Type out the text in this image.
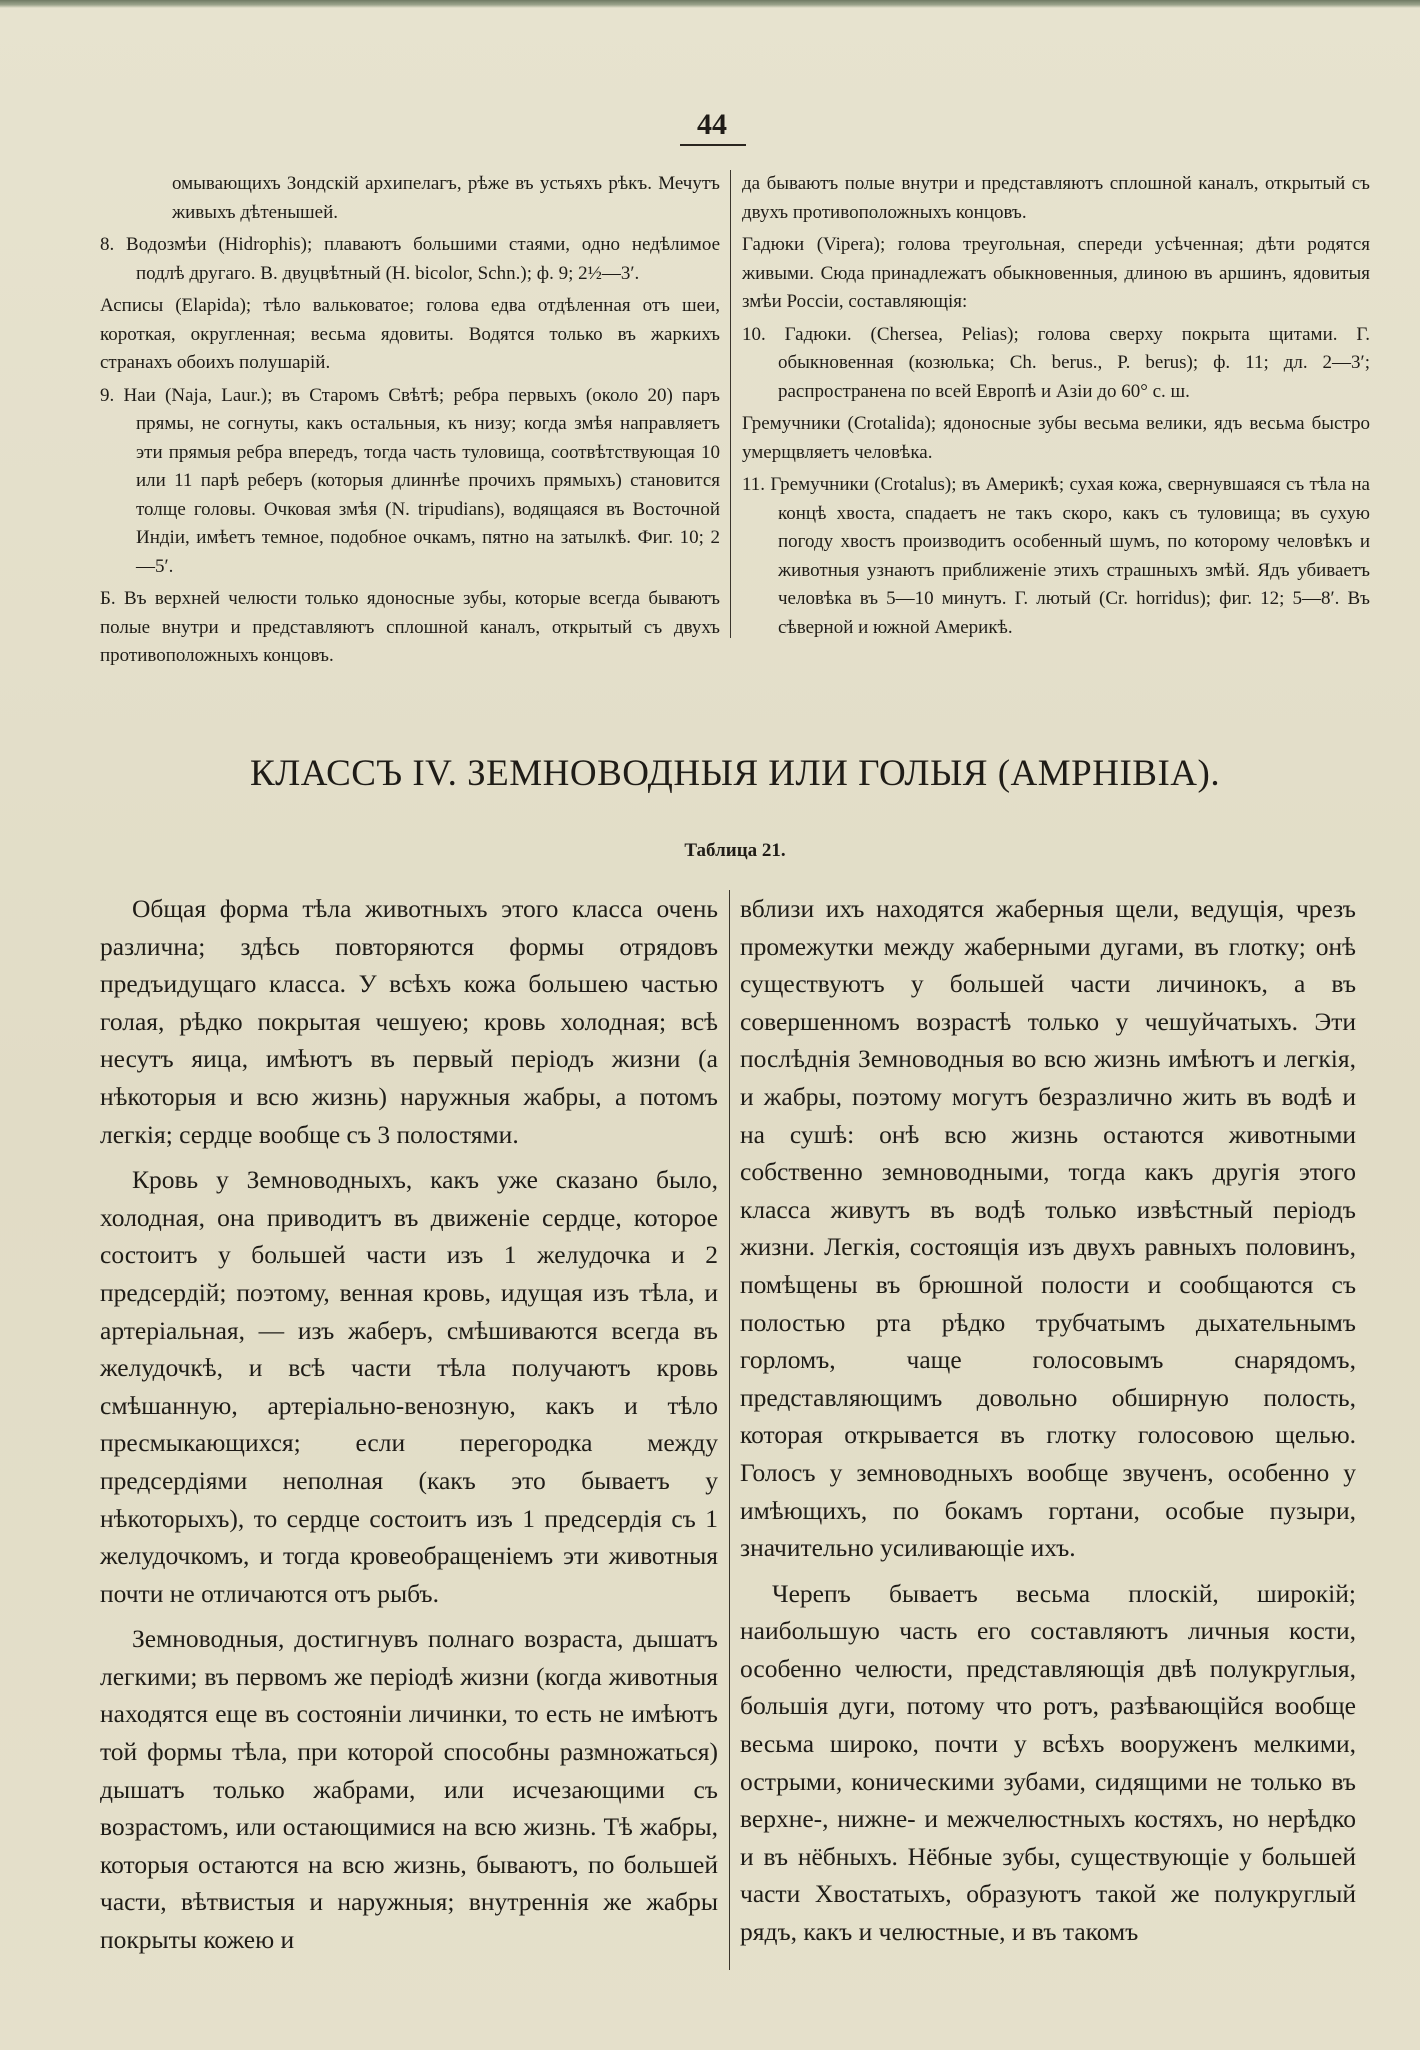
44

омывающихъ Зондскій архипелагъ, рѣже въ устьяхъ рѣкъ. Мечутъ живыхъ дѣтенышей.

8. Водозмѣи (Hidrophis); плаваютъ большими стаями, одно недѣлимое подлѣ другаго. В. двуцвѣтный (H. bicolor, Schn.); ф. 9; 2½—3′.

Асписы (Elapida); тѣло вальковатое; голова едва отдѣленная отъ шеи, короткая, округленная; весьма ядовиты. Водятся только въ жаркихъ странахъ обоихъ полушарій.

9. Наи (Naja, Laur.); въ Старомъ Свѣтѣ; ребра первыхъ (около 20) паръ прямы, не согнуты, какъ остальныя, къ низу; когда змѣя направляетъ эти прямыя ребра впередъ, тогда часть туловища, соотвѣтствующая 10 или 11 парѣ реберъ (которыя длиннѣе прочихъ прямыхъ) становится толще головы. Очковая змѣя (N. tripudians), водящаяся въ Восточной Индіи, имѣетъ темное, подобное очкамъ, пятно на затылкѣ. Фиг. 10; 2—5′.

Б. Въ верхней челюсти только ядоносные зубы, которые всегда бываютъ полые внутри и представляютъ сплошной каналъ, открытый съ двухъ противоположныхъ концовъ.

да бываютъ полые внутри и представляютъ сплошной каналъ, открытый съ двухъ противоположныхъ концовъ.

Гадюки (Vipera); голова треугольная, спереди усѣченная; дѣти родятся живыми. Сюда принадлежатъ обыкновенныя, длиною въ аршинъ, ядовитыя змѣи Россіи, составляющія:

10. Гадюки. (Chersea, Pelias); голова сверху покрыта щитами. Г. обыкновенная (козюлька; Ch. berus., P. berus); ф. 11; дл. 2—3′; распространена по всей Европѣ и Азіи до 60° с. ш.

Гремучники (Crotalida); ядоносные зубы весьма велики, ядъ весьма быстро умерщвляетъ человѣка.

11. Гремучники (Crotalus); въ Америкѣ; сухая кожа, свернувшаяся съ тѣла на концѣ хвоста, спадаетъ не такъ скоро, какъ съ туловища; въ сухую погоду хвостъ производитъ особенный шумъ, по которому человѣкъ и животныя узнаютъ приближеніе этихъ страшныхъ змѣй. Ядъ убиваетъ человѣка въ 5—10 минутъ. Г. лютый (Cr. horridus); фиг. 12; 5—8′. Въ сѣверной и южной Америкѣ.

КЛАССЪ IV. ЗЕМНОВОДНЫЯ ИЛИ ГОЛЫЯ (AMPHIBIA).
Таблица 21.

Общая форма тѣла животныхъ этого класса очень различна; здѣсь повторяются формы отрядовъ предъидущаго класса. У всѣхъ кожа большею частью голая, рѣдко покрытая чешуею; кровь холодная; всѣ несутъ яица, имѣютъ въ первый періодъ жизни (а нѣкоторыя и всю жизнь) наружныя жабры, а потомъ легкія; сердце вообще съ 3 полостями.

Кровь у Земноводныхъ, какъ уже сказано было, холодная, она приводитъ въ движеніе сердце, которое состоитъ у большей части изъ 1 желудочка и 2 предсердій; поэтому, венная кровь, идущая изъ тѣла, и артеріальная, — изъ жаберъ, смѣшиваются всегда въ желудочкѣ, и всѣ части тѣла получаютъ кровь смѣшанную, артеріально-венозную, какъ и тѣло пресмыкающихся; если перегородка между предсердіями неполная (какъ это бываетъ у нѣкоторыхъ), то сердце состоитъ изъ 1 предсердія съ 1 желудочкомъ, и тогда кровеобращеніемъ эти животныя почти не отличаются отъ рыбъ.

Земноводныя, достигнувъ полнаго возраста, дышатъ легкими; въ первомъ же періодѣ жизни (когда животныя находятся еще въ состояніи личинки, то есть не имѣютъ той формы тѣла, при которой способны размножаться) дышатъ только жабрами, или исчезающими съ возрастомъ, или остающимися на всю жизнь. Тѣ жабры, которыя остаются на всю жизнь, бываютъ, по большей части, вѣтвистыя и наружныя; внутреннія же жабры покрыты кожею и

вблизи ихъ находятся жаберныя щели, ведущія, чрезъ промежутки между жаберными дугами, въ глотку; онѣ существуютъ у большей части личинокъ, а въ совершенномъ возрастѣ только у чешуйчатыхъ. Эти послѣднія Земноводныя во всю жизнь имѣютъ и легкія, и жабры, поэтому могутъ безразлично жить въ водѣ и на сушѣ: онѣ всю жизнь остаются животными собственно земноводными, тогда какъ другія этого класса живутъ въ водѣ только извѣстный періодъ жизни. Легкія, состоящія изъ двухъ равныхъ половинъ, помѣщены въ брюшной полости и сообщаются съ полостью рта рѣдко трубчатымъ дыхательнымъ горломъ, чаще голосовымъ снарядомъ, представляющимъ довольно обширную полость, которая открывается въ глотку голосовою щелью. Голосъ у земноводныхъ вообще звученъ, особенно у имѣющихъ, по бокамъ гортани, особые пузыри, значительно усиливающіе ихъ.

Черепъ бываетъ весьма плоскій, широкій; наибольшую часть его составляютъ личныя кости, особенно челюсти, представляющія двѣ полукруглыя, большія дуги, потому что ротъ, разѣвающійся вообще весьма широко, почти у всѣхъ вооруженъ мелкими, острыми, коническими зубами, сидящими не только въ верхне-, нижне- и межчелюстныхъ костяхъ, но нерѣдко и въ нёбныхъ. Нёбные зубы, существующіе у большей части Хвостатыхъ, образуютъ такой же полукруглый рядъ, какъ и челюстные, и въ такомъ
